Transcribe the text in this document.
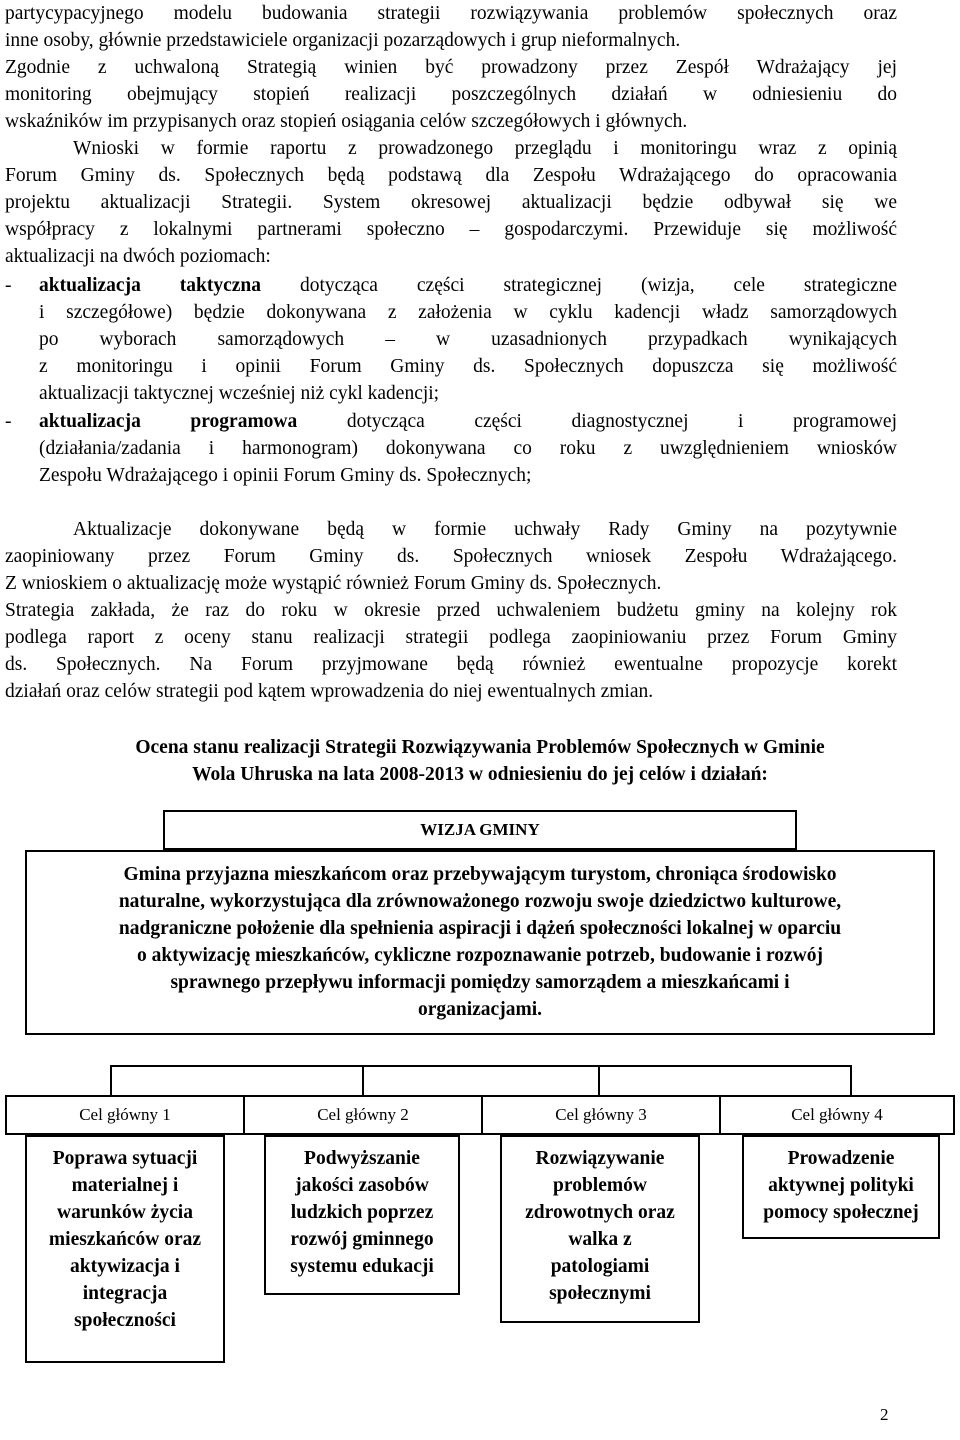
partycypacyjnego modelu budowania strategii rozwiązywania problemów społecznych oraz
inne osoby, głównie przedstawiciele organizacji pozarządowych i grup nieformalnych.
Zgodnie z uchwaloną Strategią winien być prowadzony przez Zespół Wdrażający jej
monitoring obejmujący stopień realizacji poszczególnych działań w odniesieniu do
wskaźników im przypisanych oraz stopień osiągania celów szczegółowych i głównych.
Wnioski w formie raportu z prowadzonego przeglądu i monitoringu wraz z opinią
Forum Gminy ds. Społecznych będą podstawą dla Zespołu Wdrażającego do opracowania
projektu aktualizacji Strategii. System okresowej aktualizacji będzie odbywał się we
współpracy z lokalnymi partnerami społeczno – gospodarczymi. Przewiduje się możliwość
aktualizacji na dwóch poziomach:
-	aktualizacja taktyczna dotycząca części strategicznej (wizja, cele strategiczne
i szczegółowe) będzie dokonywana z założenia w cyklu kadencji władz samorządowych
po wyborach samorządowych – w uzasadnionych przypadkach wynikających
z monitoringu i opinii Forum Gminy ds. Społecznych dopuszcza się możliwość
aktualizacji taktycznej wcześniej niż cykl kadencji;
-	aktualizacja programowa	dotycząca części diagnostycznej i programowej
(działania/zadania i harmonogram) dokonywana co roku z uwzględnieniem wniosków
Zespołu Wdrażającego i opinii Forum Gminy ds. Społecznych;
Aktualizacje dokonywane będą w formie uchwały Rady Gminy na pozytywnie
zaopiniowany przez Forum Gminy ds. Społecznych wniosek Zespołu Wdrażającego.
Z wnioskiem o aktualizację może wystąpić również Forum Gminy ds. Społecznych.
Strategia zakłada, że raz do roku w okresie przed uchwaleniem budżetu gminy na kolejny rok
podlega raport z oceny stanu realizacji strategii podlega zaopiniowaniu przez Forum Gminy
ds. Społecznych. Na Forum przyjmowane będą również ewentualne propozycje korekt
działań oraz celów strategii pod kątem wprowadzenia do niej ewentualnych zmian.
Ocena stanu realizacji Strategii Rozwiązywania Problemów Społecznych w Gminie
Wola Uhruska na lata 2008-2013 w odniesieniu do jej celów i działań:
WIZJA GMINY
Gmina przyjazna mieszkańcom oraz przebywającym turystom, chroniąca środowisko
naturalne, wykorzystująca dla zrównoważonego rozwoju swoje dziedzictwo kulturowe,
nadgraniczne położenie dla spełnienia aspiracji i dążeń społeczności lokalnej w oparciu
o aktywizację mieszkańców, cykliczne rozpoznawanie potrzeb, budowanie i rozwój
sprawnego przepływu informacji pomiędzy samorządem a mieszkańcami i
organizacjami.
Cel główny 1	Cel główny 2	Cel główny 3	Cel główny 4
Poprawa sytuacji
materialnej i
warunków życia
mieszkańców oraz
aktywizacja i
integracja
społeczności
Podwyższanie
jakości zasobów
ludzkich poprzez
rozwój gminnego
systemu edukacji
Rozwiązywanie
problemów
zdrowotnych oraz
walka z
patologiami
społecznymi
Prowadzenie
aktywnej polityki
pomocy społecznej
2
